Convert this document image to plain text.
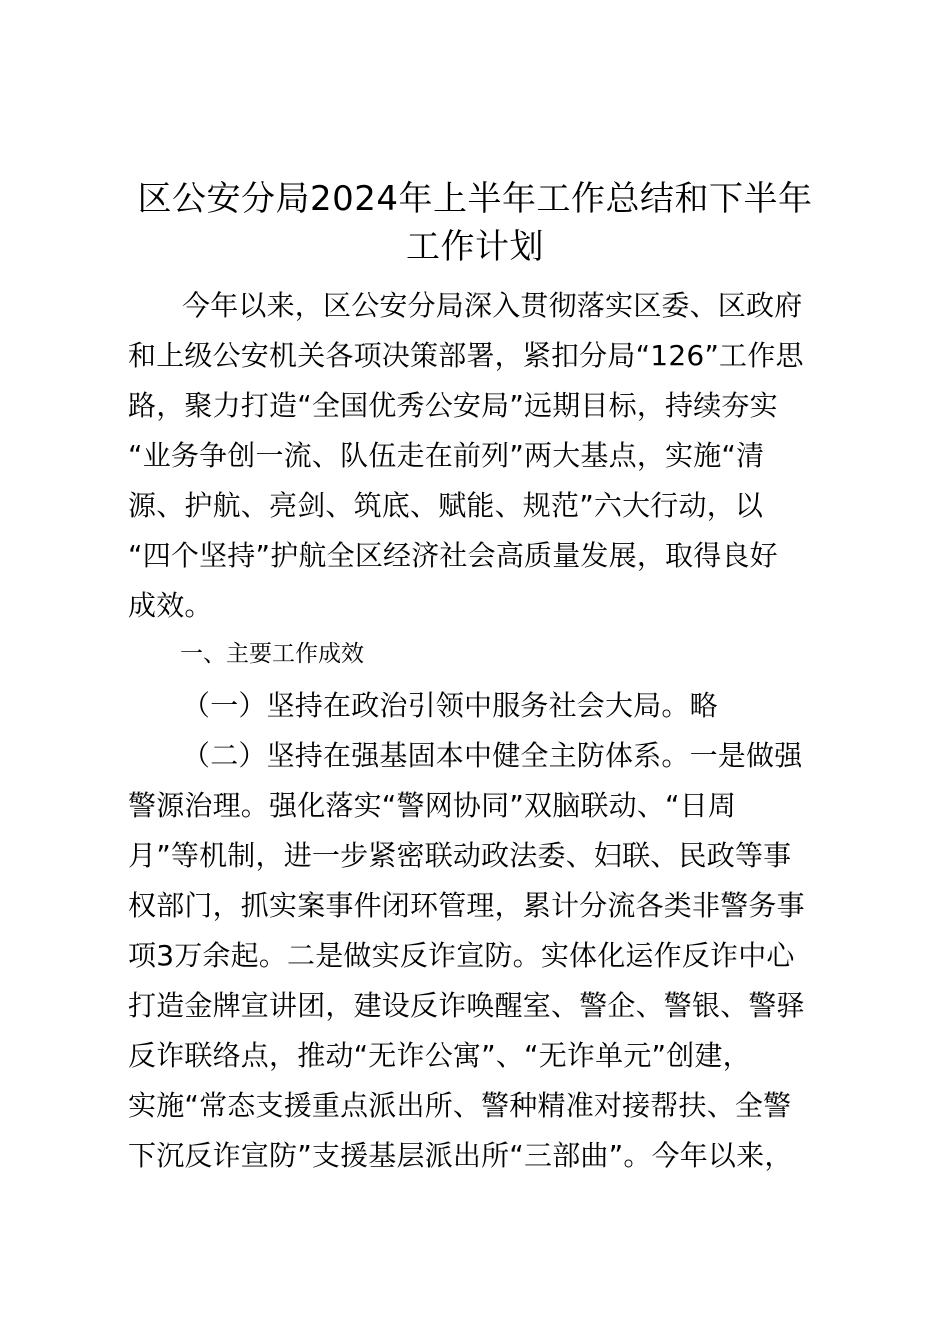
区公安分局2024年上半年工作总结和下半年
工作计划
今年以来，区公安分局深入贯彻落实区委、区政府
和上级公安机关各项决策部署，紧扣分局“126”工作思
路，聚力打造“全国优秀公安局”远期目标，持续夯实
“业务争创一流、队伍走在前列”两大基点，实施“清
源、护航、亮剑、筑底、赋能、规范”六大行动，以
“四个坚持”护航全区经济社会高质量发展，取得良好
成效。
一、主要工作成效
（一）坚持在政治引领中服务社会大局。略
（二）坚持在强基固本中健全主防体系。一是做强
警源治理。强化落实“警网协同”双脑联动、“日周
月”等机制，进一步紧密联动政法委、妇联、民政等事
权部门，抓实案事件闭环管理，累计分流各类非警务事
项3万余起。二是做实反诈宣防。实体化运作反诈中心
打造金牌宣讲团，建设反诈唤醒室、警企、警银、警驿
反诈联络点，推动“无诈公寓”、“无诈单元”创建，
实施“常态支援重点派出所、警种精准对接帮扶、全警
下沉反诈宣防”支援基层派出所“三部曲”。今年以来，
